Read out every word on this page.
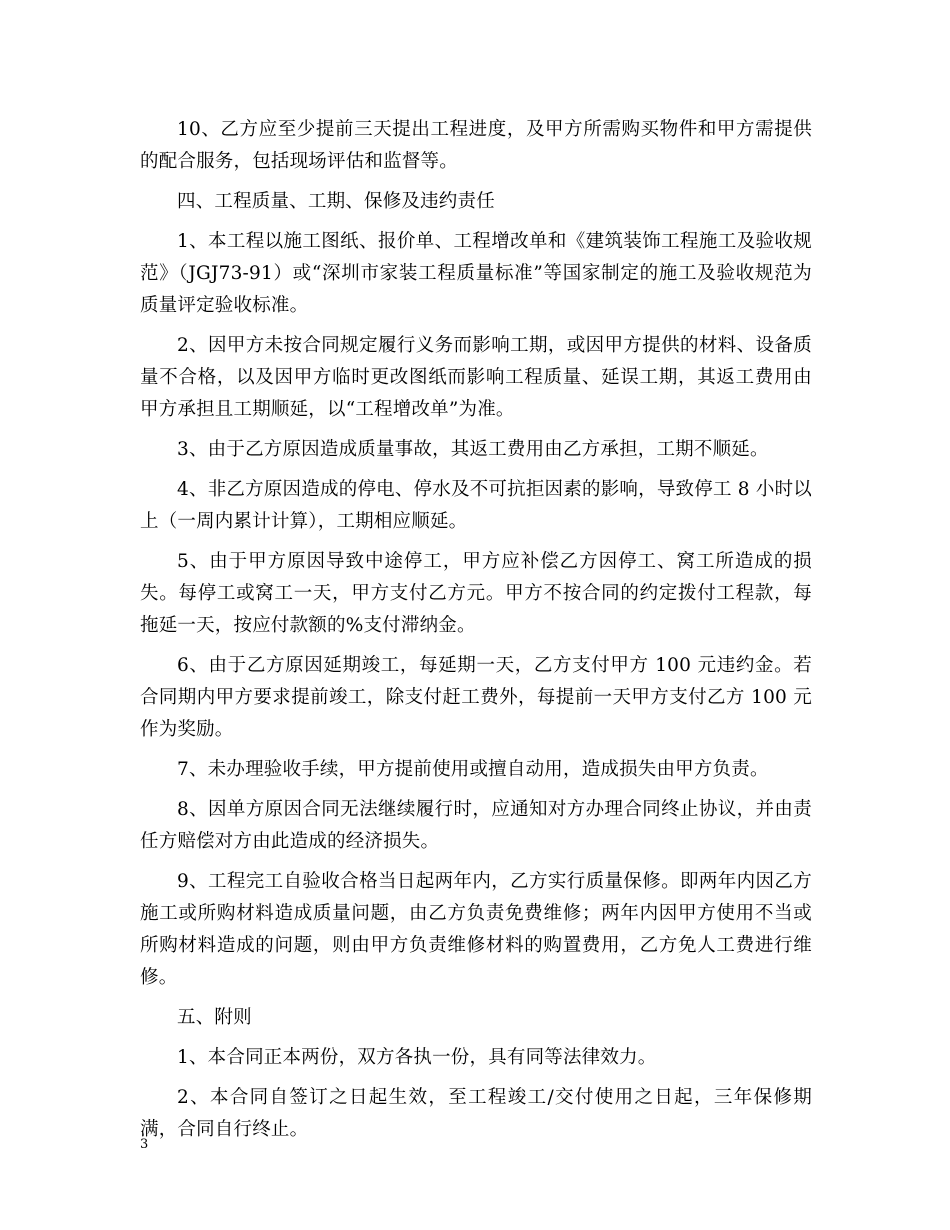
10、乙方应至少提前三天提出工程进度，及甲方所需购买物件和甲方需提供的配合服务，包括现场评估和监督等。

四、工程质量、工期、保修及违约责任

1、本工程以施工图纸、报价单、工程增改单和《建筑装饰工程施工及验收规范》（JGJ73-91）或“深圳市家装工程质量标准”等国家制定的施工及验收规范为质量评定验收标准。

2、因甲方未按合同规定履行义务而影响工期，或因甲方提供的材料、设备质量不合格，以及因甲方临时更改图纸而影响工程质量、延误工期，其返工费用由甲方承担且工期顺延，以“工程增改单”为准。

3、由于乙方原因造成质量事故，其返工费用由乙方承担，工期不顺延。

4、非乙方原因造成的停电、停水及不可抗拒因素的影响，导致停工 8 小时以上（一周内累计计算），工期相应顺延。

5、由于甲方原因导致中途停工，甲方应补偿乙方因停工、窝工所造成的损失。每停工或窝工一天，甲方支付乙方元。甲方不按合同的约定拨付工程款，每拖延一天，按应付款额的%支付滞纳金。

6、由于乙方原因延期竣工，每延期一天，乙方支付甲方 100 元违约金。若合同期内甲方要求提前竣工，除支付赶工费外，每提前一天甲方支付乙方 100 元作为奖励。

7、未办理验收手续，甲方提前使用或擅自动用，造成损失由甲方负责。

8、因单方原因合同无法继续履行时，应通知对方办理合同终止协议，并由责任方赔偿对方由此造成的经济损失。

9、工程完工自验收合格当日起两年内，乙方实行质量保修。即两年内因乙方施工或所购材料造成质量问题，由乙方负责免费维修；两年内因甲方使用不当或所购材料造成的问题，则由甲方负责维修材料的购置费用，乙方免人工费进行维修。

五、附则

1、本合同正本两份，双方各执一份，具有同等法律效力。

2、本合同自签订之日起生效，至工程竣工/交付使用之日起，三年保修期满，合同自行终止。

3
